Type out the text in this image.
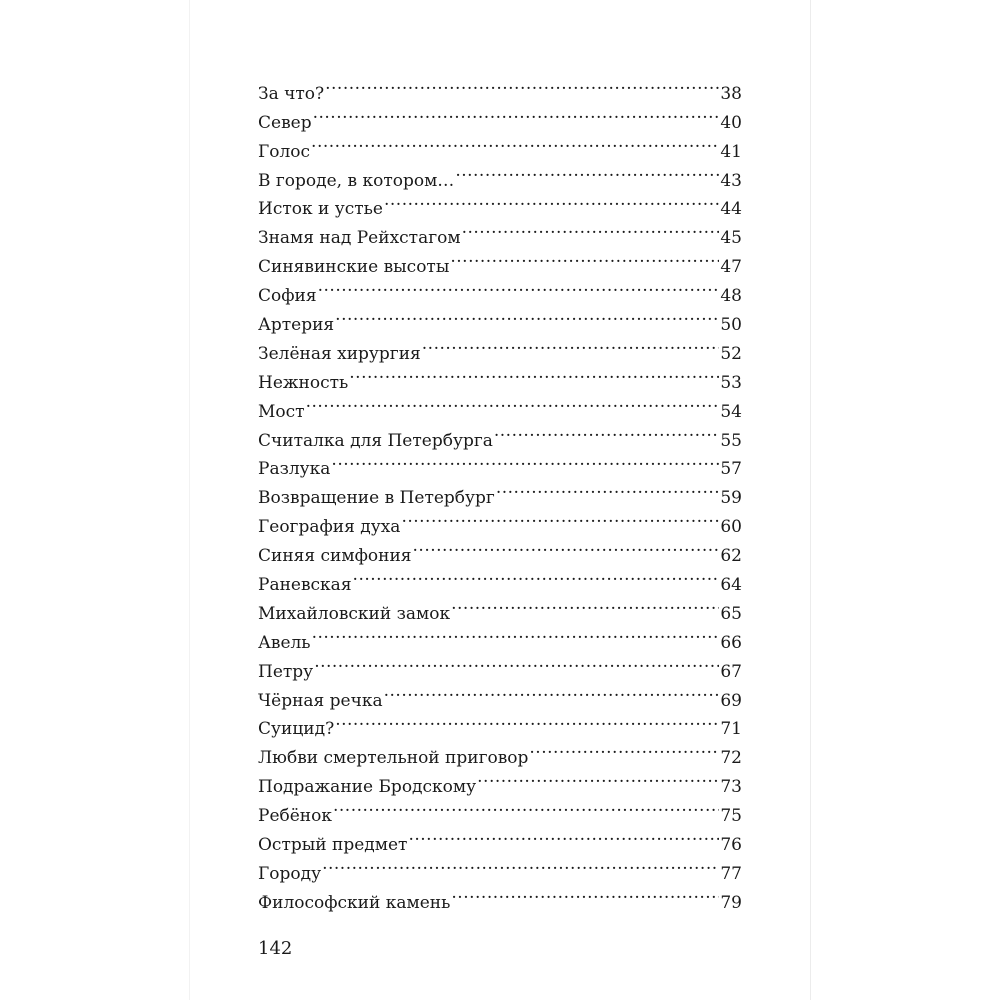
За что? .....	38
Север .....	40
Голос .....	41
В городе, в котором… .....	43
Исток и устье .....	44
Знамя над Рейхстагом .....	45
Синявинские высоты .....	47
София .....	48
Артерия .....	50
Зелёная хирургия .....	52
Нежность .....	53
Мост .....	54
Считалка для Петербурга .....	55
Разлука .....	57
Возвращение в Петербург .....	59
География духа .....	60
Синяя симфония .....	62
Раневская .....	64
Михайловский замок .....	65
Авель .....	66
Петру .....	67
Чёрная речка .....	69
Суицид? .....	71
Любви смертельной приговор .....	72
Подражание Бродскому .....	73
Ребёнок .....	75
Острый предмет .....	76
Городу .....	77
Философский камень .....	79
142
